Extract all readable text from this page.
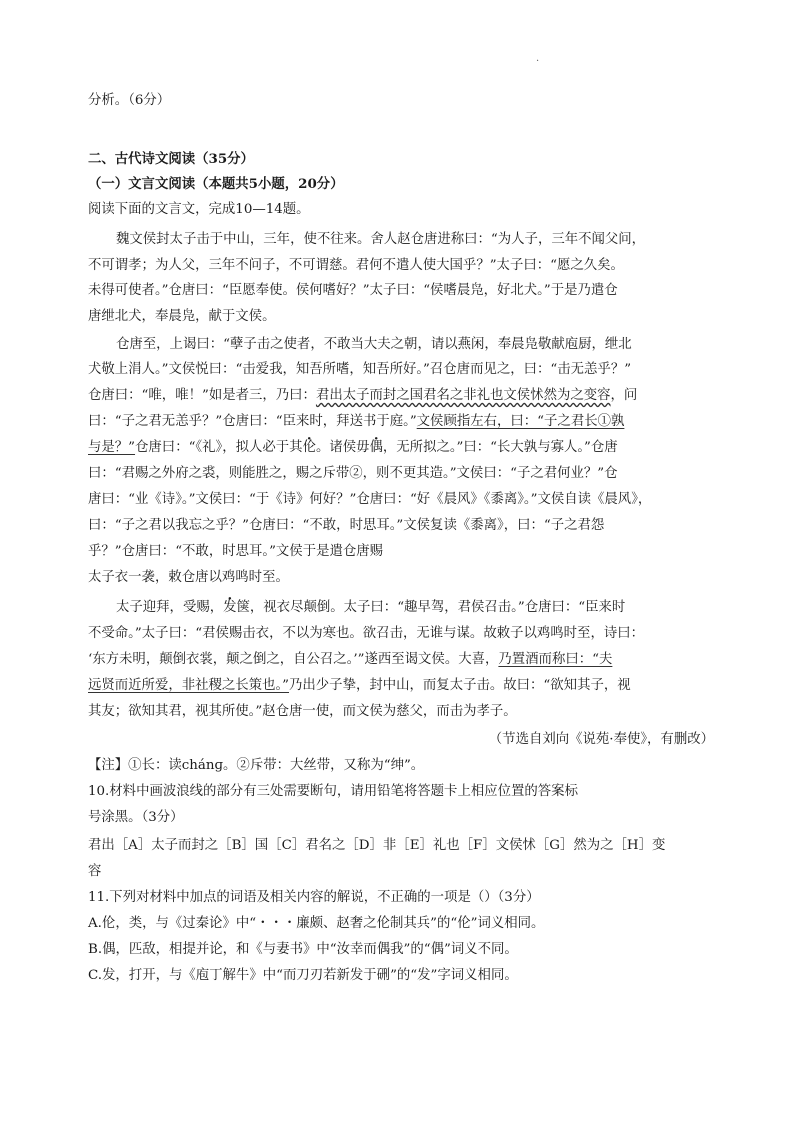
·
分析。（6分）
二、古代诗文阅读（35分）
（一）文言文阅读（本题共5小题，20分）
阅读下面的文言文，完成10—14题。
魏文侯封太子击于中山，三年，使不往来。舍人赵仓唐进称曰：“为人子，三年不闻父问，
不可谓孝；为人父，三年不问子，不可谓慈。君何不遣人使大国乎？”太子曰：“愿之久矣。
未得可使者。”仓唐曰：“臣愿奉使。侯何嗜好？”太子曰：“侯嗜晨凫，好北犬。”于是乃遣仓
唐绁北犬，奉晨凫，献于文侯。
仓唐至，上谒曰：“孽子击之使者，不敢当大夫之朝，请以燕闲，奉晨凫敬献庖厨，绁北
犬敬上涓人。”文侯悦曰：“击爱我，知吾所嗜，知吾所好。”召仓唐而见之，曰：“击无恙乎？”
仓唐曰：“唯，唯！”如是者三，乃曰：君出太子而封之国君名之非礼也文侯怵然为之变容，问
曰：“子之君无恙乎？”仓唐曰：“臣来时，拜送书于庭。”文侯顾指左右，曰：“子之君长①孰
与是？”仓唐曰：“《礼》，拟人必于其伦。诸侯毋偶，无所拟之。”曰：“长大孰与寡人。”仓唐
曰：“君赐之外府之裘，则能胜之，赐之斥带②，则不更其造。”文侯曰：“子之君何业？”仓
唐曰：“业《诗》。”文侯曰：“于《诗》何好？”仓唐曰：“好《晨风》《黍离》。”文侯自读《晨风》，
曰：“子之君以我忘之乎？”仓唐曰：“不敢，时思耳。”文侯复读《黍离》，曰：“子之君怨
乎？”仓唐曰：“不敢，时思耳。”文侯于是遣仓唐赐
太子衣一袭，敕仓唐以鸡鸣时至。
太子迎拜，受赐，发箧，视衣尽颠倒。太子曰：“趣早驾，君侯召击。”仓唐曰：“臣来时
不受命。”太子曰：“君侯赐击衣，不以为寒也。欲召击，无谁与谋。故敕子以鸡鸣时至，诗曰：
‘东方未明，颠倒衣裳，颠之倒之，自公召之。’”遂西至谒文侯。大喜，乃置酒而称曰：“夫
远贤而近所爱，非社稷之长策也。”乃出少子挚，封中山，而复太子击。故曰：“欲知其子，视
其友；欲知其君，视其所使。”赵仓唐一使，而文侯为慈父，而击为孝子。
（节选自刘向《说苑·奉使》，有删改）
【注】①长：读chánɡ。②斥带：大丝带，又称为“绅”。
10.材料中画波浪线的部分有三处需要断句，请用铅笔将答题卡上相应位置的答案标
号涂黑。（3分）
君出［A］太子而封之［B］国［C］君名之［D］非［E］礼也［F］文侯怵［G］然为之［H］变
容
11.下列对材料中加点的词语及相关内容的解说，不正确的一项是（）（3分）
A.伦，类，与《过秦论》中“・・・廉颇、赵奢之伦制其兵”的“伦”词义相同。
B.偶，匹敌，相提并论，和《与妻书》中“汝幸而偶我”的“偶”词义不同。
C.发，打开，与《庖丁解牛》中“而刀刃若新发于硎”的“发”字词义相同。
